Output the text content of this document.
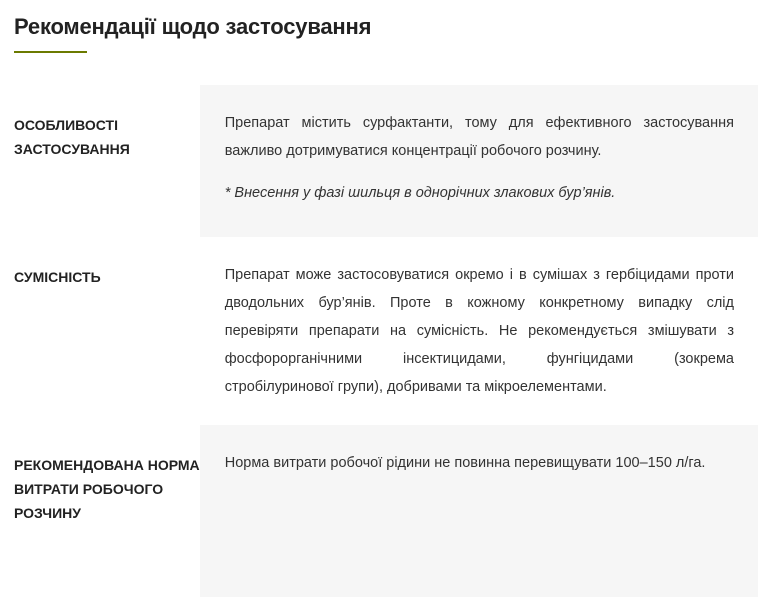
Рекомендації щодо застосування
ОСОБЛИВОСТІ ЗАСТОСУВАННЯ

Препарат містить сурфактанти, тому для ефективного застосування важливо дотримуватися концентрації робочого розчину.

* Внесення у фазі шильця в однорічних злакових бур’янів.

СУМІСНІСТЬ	Препарат може застосовуватися окремо і в сумішах з гербіцидами проти дводольних бур’янів. Проте в кожному конкретному випадку слід перевіряти препарати на сумісність. Не рекомендується змішувати з фосфорорганічними інсектицидами, фунгіцидами (зокрема стробілуринової групи), добривами та мікроелементами.

РЕКОМЕНДОВАНА НОРМА ВИТРАТИ РОБОЧОГО РОЗЧИНУ

Норма витрати робочої рідини не повинна перевищувати 100–150 л/га.
